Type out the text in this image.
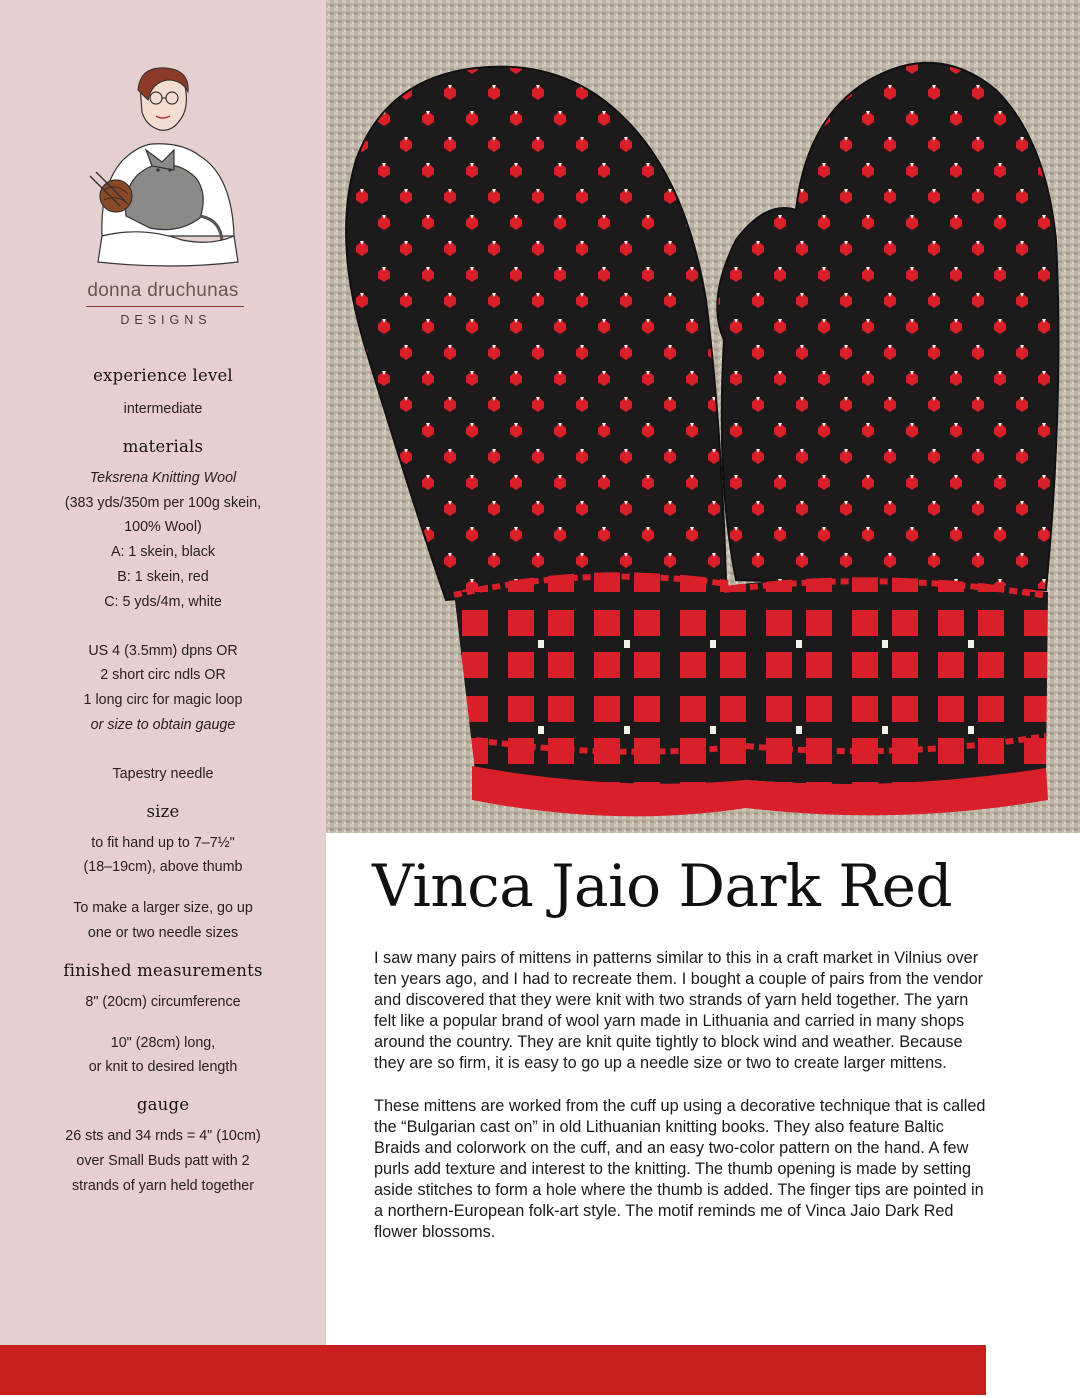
donna druchunas
DESIGNS
experience level

intermediate

materials

Teksrena Knitting Wool

(383 yds/350m per 100g skein,

100% Wool)

A: 1 skein, black

B: 1 skein, red

C: 5 yds/4m, white

US 4 (3.5mm) dpns OR

2 short circ ndls OR

1 long circ for magic loop

or size to obtain gauge

Tapestry needle

size

to fit hand up to 7–7½"

(18–19cm), above thumb

To make a larger size, go up

one or two needle sizes

finished measurements

8" (20cm) circumference

10" (28cm) long,

or knit to desired length

gauge

26 sts and 34 rnds = 4" (10cm)

over Small Buds patt with 2

strands of yarn held together

Vinca Jaio Dark Red

I saw many pairs of mittens in patterns similar to this in a craft market in Vilnius over ten years ago, and I had to recreate them. I bought a couple of pairs from the vendor and discovered that they were knit with two strands of yarn held together. The yarn felt like a popular brand of wool yarn made in Lithuania and carried in many shops around the country. They are knit quite tightly to block wind and weather. Because they are so firm, it is easy to go up a needle size or two to create larger mittens.

These mittens are worked from the cuff up using a decorative technique that is called the “Bulgarian cast on” in old Lithuanian knitting books. They also feature Baltic Braids and colorwork on the cuff, and an easy two-color pattern on the hand. A few purls add texture and interest to the knitting. The thumb opening is made by setting aside stitches to form a hole where the thumb is added. The finger tips are pointed in a northern-European folk-art style. The motif reminds me of Vinca Jaio Dark Red flower blossoms.
